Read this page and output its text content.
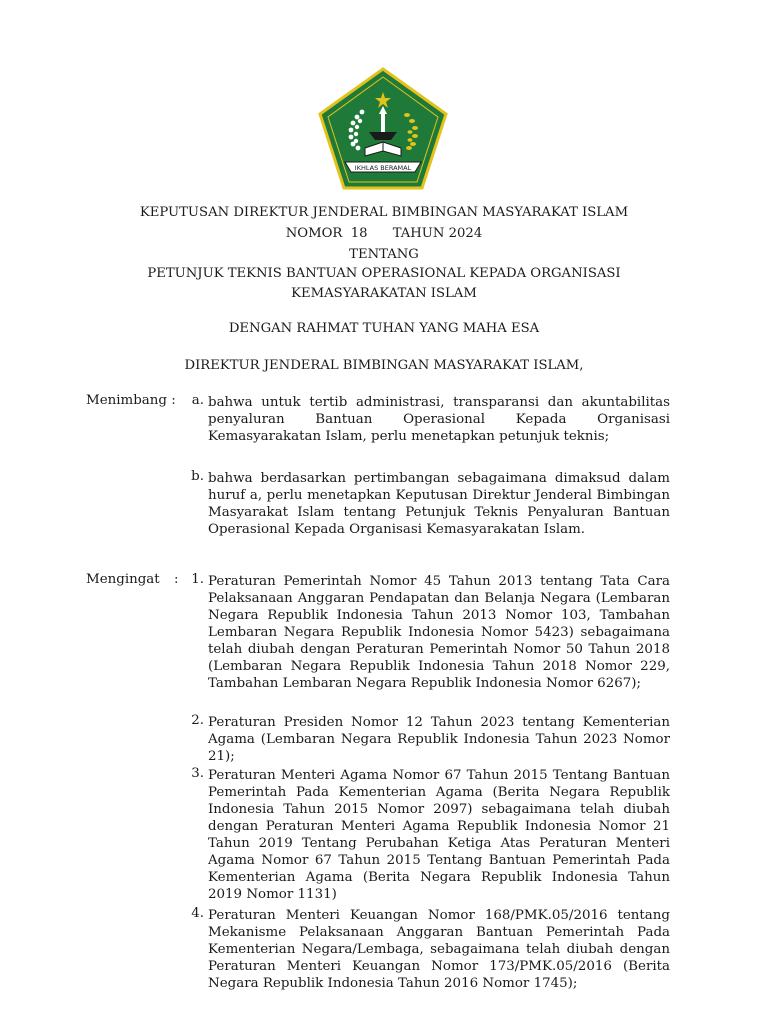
IKHLAS BERAMAL
KEPUTUSAN DIREKTUR JENDERAL BIMBINGAN MASYARAKAT ISLAM
NOMOR 18 TAHUN 2024
TENTANG
PETUNJUK TEKNIS BANTUAN OPERASIONAL KEPADA ORGANISASI
KEMASYARAKATAN ISLAM
DENGAN RAHMAT TUHAN YANG MAHA ESA
DIREKTUR JENDERAL BIMBINGAN MASYARAKAT ISLAM,
Menimbang :	a. bahwa untuk tertib administrasi, transparansi dan akuntabilitas penyaluran Bantuan Operasional Kepada Organisasi Kemasyarakatan Islam, perlu menetapkan petunjuk teknis;
b. bahwa berdasarkan pertimbangan sebagaimana dimaksud dalam huruf a, perlu menetapkan Keputusan Direktur Jenderal Bimbingan Masyarakat Islam tentang Petunjuk Teknis Penyaluran Bantuan Operasional Kepada Organisasi Kemasyarakatan Islam.
Mengingat : 1. Peraturan Pemerintah Nomor 45 Tahun 2013 tentang Tata Cara Pelaksanaan Anggaran Pendapatan dan Belanja Negara (Lembaran Negara Republik Indonesia Tahun 2013 Nomor 103, Tambahan Lembaran Negara Republik Indonesia Nomor 5423) sebagaimana telah diubah dengan Peraturan Pemerintah Nomor 50 Tahun 2018 (Lembaran Negara Republik Indonesia Tahun 2018 Nomor 229, Tambahan Lembaran Negara Republik Indonesia Nomor 6267);
2. Peraturan Presiden Nomor 12 Tahun 2023 tentang Kementerian Agama (Lembaran Negara Republik Indonesia Tahun 2023 Nomor 21);
3. Peraturan Menteri Agama Nomor 67 Tahun 2015 Tentang Bantuan Pemerintah Pada Kementerian Agama (Berita Negara Republik Indonesia Tahun 2015 Nomor 2097) sebagaimana telah diubah dengan Peraturan Menteri Agama Republik Indonesia Nomor 21 Tahun 2019 Tentang Perubahan Ketiga Atas Peraturan Menteri Agama Nomor 67 Tahun 2015 Tentang Bantuan Pemerintah Pada Kementerian Agama (Berita Negara Republik Indonesia Tahun 2019 Nomor 1131)
4. Peraturan Menteri Keuangan Nomor 168/PMK.05/2016 tentang Mekanisme Pelaksanaan Anggaran Bantuan Pemerintah Pada Kementerian Negara/Lembaga, sebagaimana telah diubah dengan Peraturan Menteri Keuangan Nomor 173/PMK.05/2016 (Berita Negara Republik Indonesia Tahun 2016 Nomor 1745);
